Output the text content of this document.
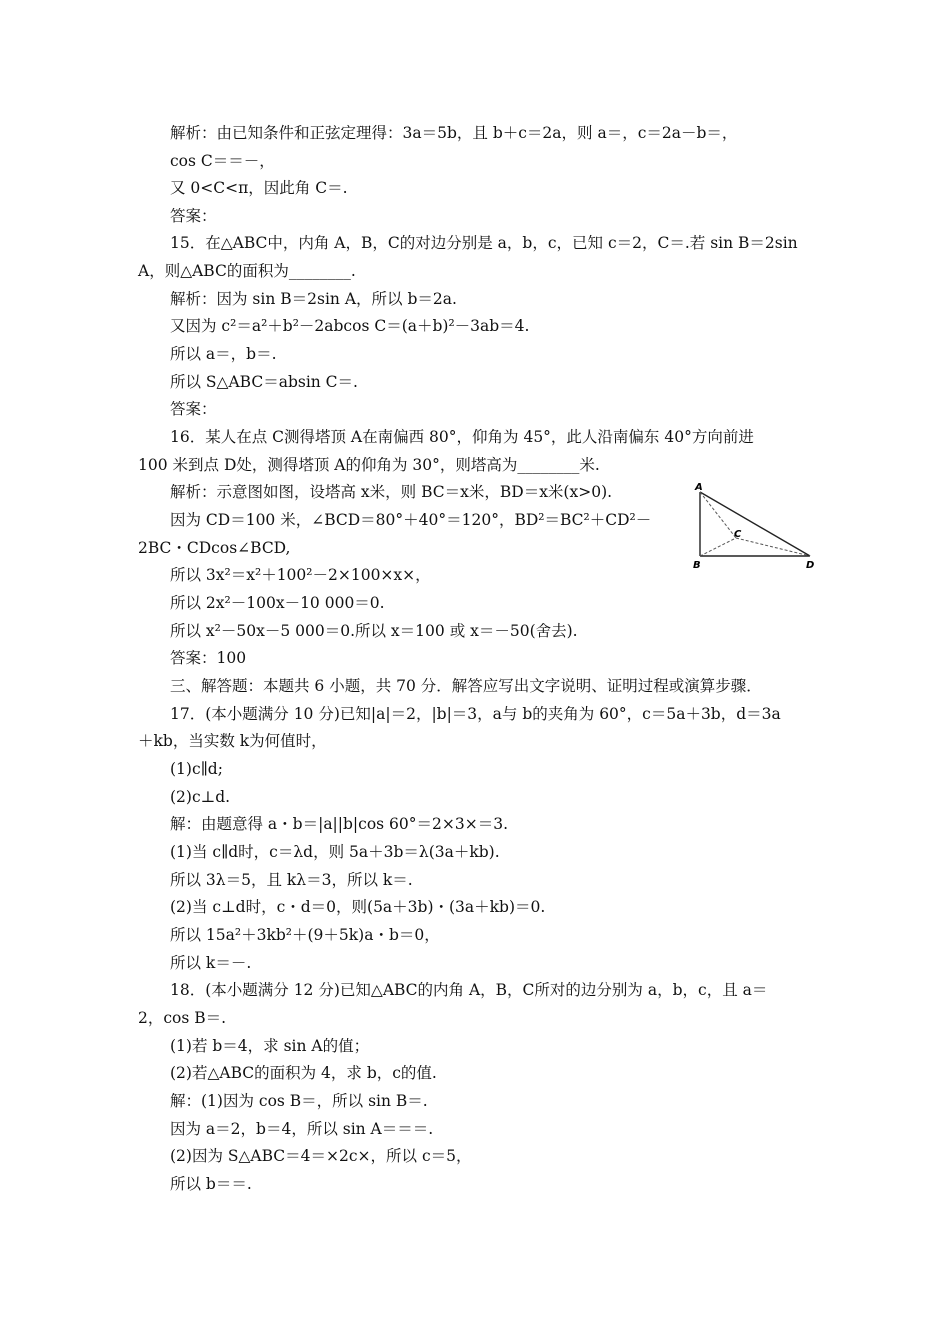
解析：由已知条件和正弦定理得：3a＝5b，且 b＋c＝2a，则 a＝，c＝2a－b＝，
cos C＝＝－，
又 0<C<π，因此角 C＝.
答案：
15．在△ABC中，内角 A，B，C的对边分别是 a，b，c，已知 c＝2，C＝.若 sin B＝2sin
A，则△ABC的面积为________.
解析：因为 sin B＝2sin A，所以 b＝2a.
又因为 c²＝a²＋b²－2abcos C＝(a＋b)²－3ab＝4.
所以 a＝，b＝.
所以 S△ABC＝absin C＝.
答案：
16．某人在点 C测得塔顶 A在南偏西 80°，仰角为 45°，此人沿南偏东 40°方向前进
100 米到点 D处，测得塔顶 A的仰角为 30°，则塔高为________米.
解析：示意图如图，设塔高 x米，则 BC＝x米，BD＝x米(x>0).
因为 CD＝100 米，∠BCD＝80°＋40°＝120°，BD²＝BC²＋CD²－
2BC・CDcos∠BCD,
所以 3x²＝x²＋100²－2×100×x×，
所以 2x²－100x－10 000＝0.
所以 x²－50x－5 000＝0.所以 x＝100 或 x＝－50(舍去).
答案：100
三、解答题：本题共 6 小题，共 70 分．解答应写出文字说明、证明过程或演算步骤．
17．(本小题满分 10 分)已知|a|＝2，|b|＝3，a与 b的夹角为 60°，c＝5a＋3b，d＝3a
＋kb，当实数 k为何值时，
(1)c∥d;
(2)c⊥d.
解：由题意得 a・b＝|a||b|cos 60°＝2×3×＝3.
(1)当 c∥d时，c＝λd，则 5a＋3b＝λ(3a＋kb).
所以 3λ＝5，且 kλ＝3，所以 k＝.
(2)当 c⊥d时，c・d＝0，则(5a＋3b)・(3a＋kb)＝0.
所以 15a²＋3kb²＋(9＋5k)a・b＝0，
所以 k＝－.
18．(本小题满分 12 分)已知△ABC的内角 A，B，C所对的边分别为 a，b，c，且 a＝
2，cos B＝.
(1)若 b＝4，求 sin A的值；
(2)若△ABC的面积为 4，求 b，c的值.
解：(1)因为 cos B＝，所以 sin B＝.
因为 a＝2，b＝4，所以 sin A＝＝＝.
(2)因为 S△ABC＝4＝×2c×，所以 c＝5，
所以 b＝＝.
A
B
C
D
